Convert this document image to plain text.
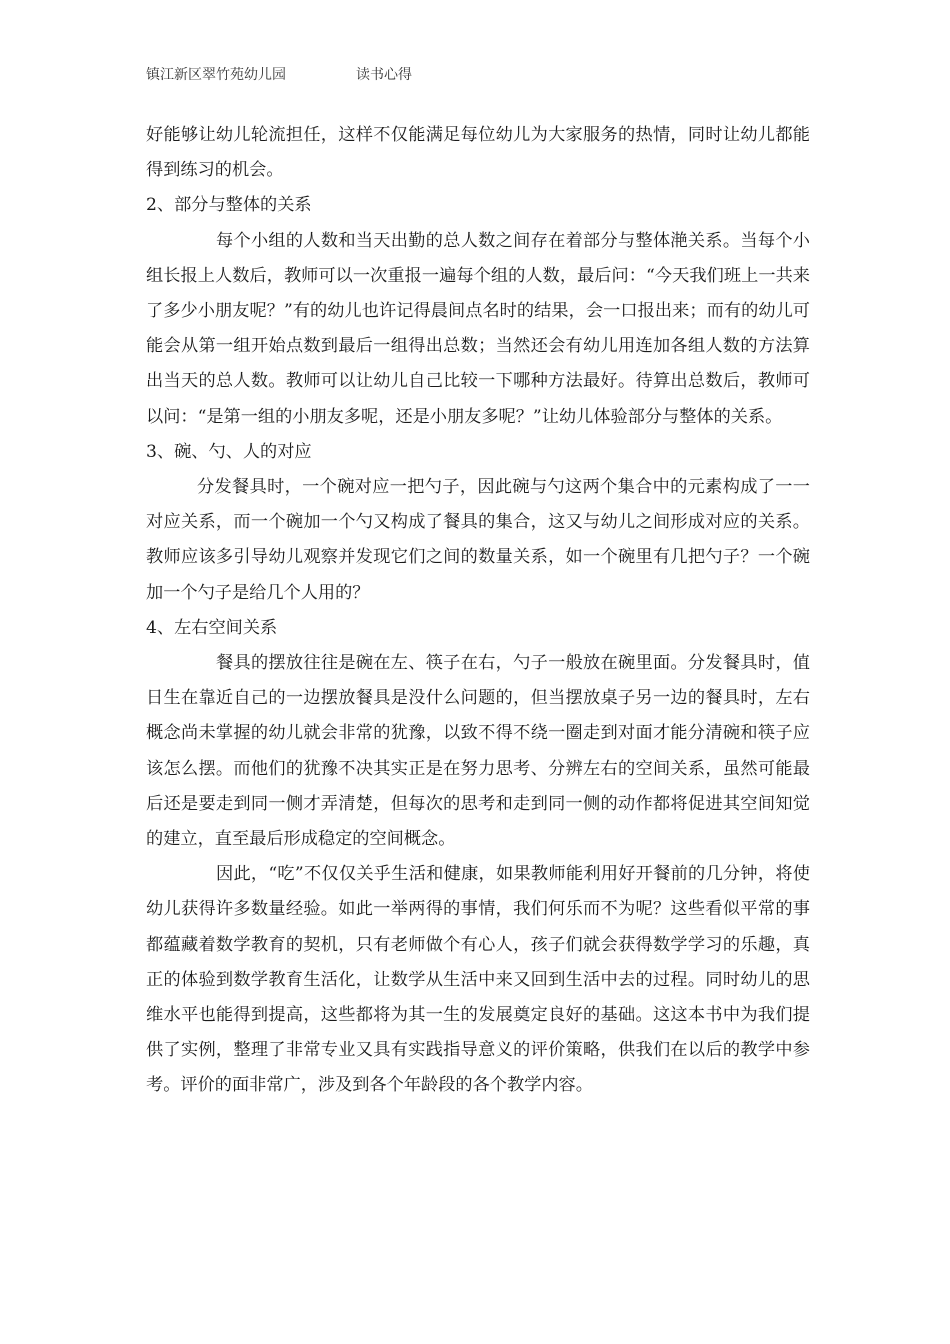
镇江新区翠竹苑幼儿园	读书心得

好能够让幼儿轮流担任，这样不仅能满足每位幼儿为大家服务的热情，同时让幼儿都能得到练习的机会。

2、部分与整体的关系

每个小组的人数和当天出勤的总人数之间存在着部分与整体滟关系。当每个小组长报上人数后，教师可以一次重报一遍每个组的人数，最后问：“今天我们班上一共来了多少小朋友呢？”有的幼儿也许记得晨间点名时的结果，会一口报出来；而有的幼儿可能会从第一组开始点数到最后一组得出总数；当然还会有幼儿用连加各组人数的方法算出当天的总人数。教师可以让幼儿自己比较一下哪种方法最好。待算出总数后，教师可以问：“是第一组的小朋友多呢，还是小朋友多呢？”让幼儿体验部分与整体的关系。

3、碗、勺、人的对应

分发餐具时，一个碗对应一把勺子，因此碗与勺这两个集合中的元素构成了一一对应关系，而一个碗加一个勺又构成了餐具的集合，这又与幼儿之间形成对应的关系。教师应该多引导幼儿观察并发现它们之间的数量关系，如一个碗里有几把勺子？一个碗加一个勺子是给几个人用的？

4、左右空间关系

餐具的摆放往往是碗在左、筷子在右，勺子一般放在碗里面。分发餐具时，值日生在靠近自己的一边摆放餐具是没什么问题的，但当摆放桌子另一边的餐具时，左右概念尚未掌握的幼儿就会非常的犹豫，以致不得不绕一圈走到对面才能分清碗和筷子应该怎么摆。而他们的犹豫不决其实正是在努力思考、分辨左右的空间关系，虽然可能最后还是要走到同一侧才弄清楚，但每次的思考和走到同一侧的动作都将促进其空间知觉的建立，直至最后形成稳定的空间概念。

因此，“吃”不仅仅关乎生活和健康，如果教师能利用好开餐前的几分钟，将使幼儿获得许多数量经验。如此一举两得的事情，我们何乐而不为呢？这些看似平常的事都蕴藏着数学教育的契机，只有老师做个有心人，孩子们就会获得数学学习的乐趣，真正的体验到数学教育生活化，让数学从生活中来又回到生活中去的过程。同时幼儿的思维水平也能得到提高，这些都将为其一生的发展奠定良好的基础。这这本书中为我们提供了实例，整理了非常专业又具有实践指导意义的评价策略，供我们在以后的教学中参考。评价的面非常广，涉及到各个年龄段的各个教学内容。
